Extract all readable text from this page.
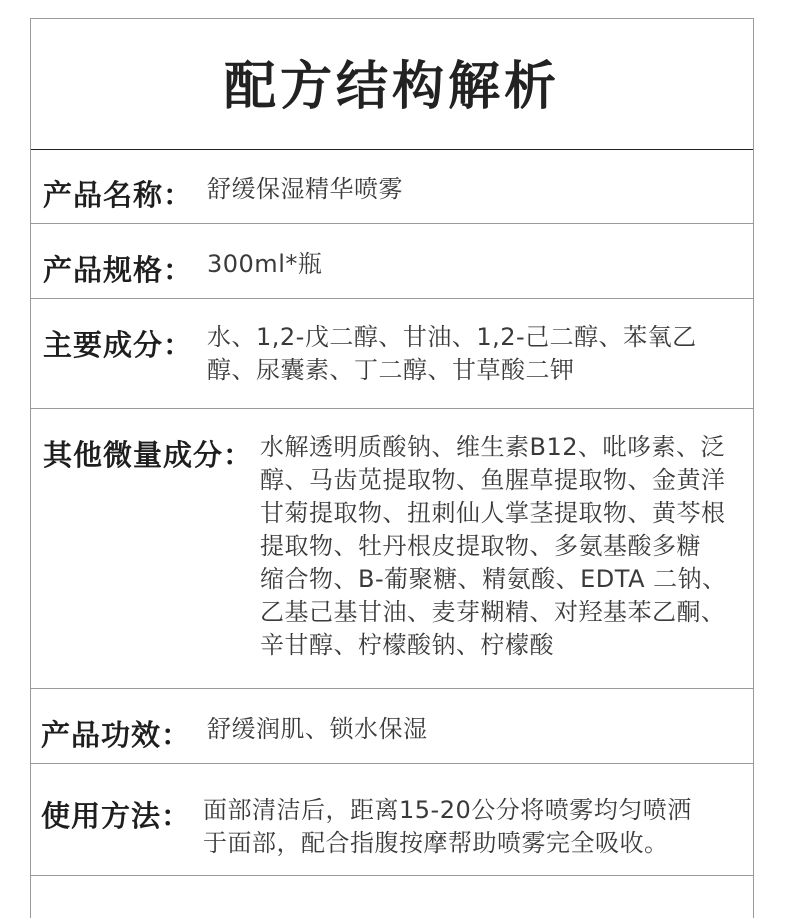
配方结构解析
产品名称： 舒缓保湿精华喷雾
产品规格： 300ml*瓶
主要成分： 水、1,2-戊二醇、甘油、1,2-己二醇、苯氧乙
醇、尿囊素、丁二醇、甘草酸二钾
其他微量成分： 水解透明质酸钠、维生素B12、吡哆素、泛
醇、马齿苋提取物、鱼腥草提取物、金黄洋
甘菊提取物、扭刺仙人掌茎提取物、黄芩根
提取物、牡丹根皮提取物、多氨基酸多糖
缩合物、B-葡聚糖、精氨酸、EDTA 二钠、
乙基己基甘油、麦芽糊精、对羟基苯乙酮、
辛甘醇、柠檬酸钠、柠檬酸
产品功效： 舒缓润肌、锁水保湿
使用方法： 面部清洁后，距离15-20公分将喷雾均匀喷洒
于面部，配合指腹按摩帮助喷雾完全吸收。
